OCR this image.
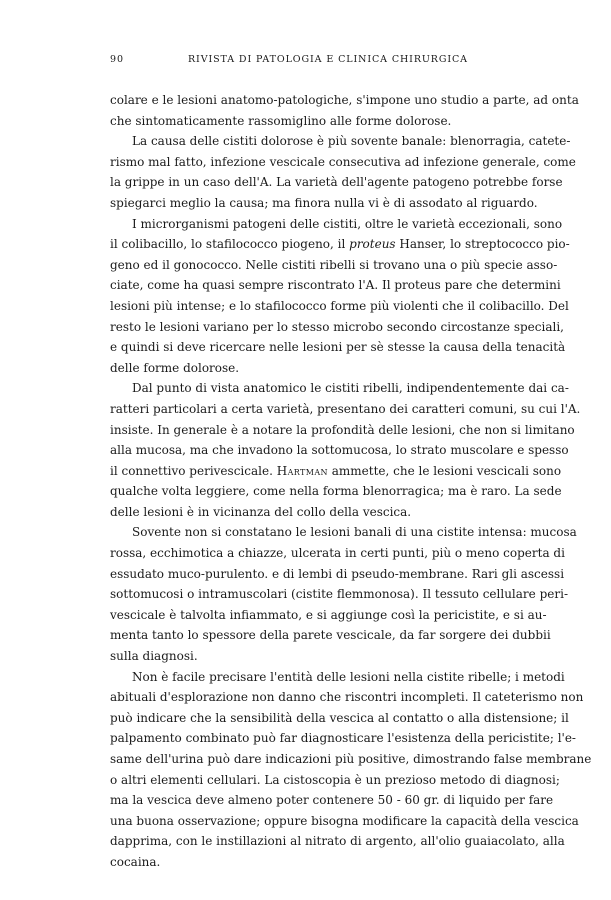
90	RIVISTA DI PATOLOGIA E CLINICA CHIRURGICA
colare e le lesioni anatomo-patologiche, s'impone uno studio a parte, ad onta
che sintomaticamente rassomiglino alle forme dolorose.
La causa delle cistiti dolorose è più sovente banale: blenorragia, catete-
rismo mal fatto, infezione vescicale consecutiva ad infezione generale, come
la grippe in un caso dell'A. La varietà dell'agente patogeno potrebbe forse
spiegarci meglio la causa; ma finora nulla vi è di assodato al riguardo.
I microrganismi patogeni delle cistiti, oltre le varietà eccezionali, sono
il colibacillo, lo stafilococco piogeno, il proteus Hanser, lo streptococco pio-
geno ed il gonococco. Nelle cistiti ribelli si trovano una o più specie asso-
ciate, come ha quasi sempre riscontrato l'A. Il proteus pare che determini
lesioni più intense; e lo stafilococco forme più violenti che il colibacillo. Del
resto le lesioni variano per lo stesso microbo secondo circostanze speciali,
e quindi si deve ricercare nelle lesioni per sè stesse la causa della tenacità
delle forme dolorose.
Dal punto di vista anatomico le cistiti ribelli, indipendentemente dai ca-
ratteri particolari a certa varietà, presentano dei caratteri comuni, su cui l'A.
insiste. In generale è a notare la profondità delle lesioni, che non si limitano
alla mucosa, ma che invadono la sottomucosa, lo strato muscolare e spesso
il connettivo perivescicale. Hartman ammette, che le lesioni vescicali sono
qualche volta leggiere, come nella forma blenorragica; ma è raro. La sede
delle lesioni è in vicinanza del collo della vescica.
Sovente non si constatano le lesioni banali di una cistite intensa: mucosa
rossa, ecchimotica a chiazze, ulcerata in certi punti, più o meno coperta di
essudato muco-purulento. e di lembi di pseudo-membrane. Rari gli ascessi
sottomucosi o intramuscolari (cistite flemmonosa). Il tessuto cellulare peri-
vescicale è talvolta infiammato, e si aggiunge così la pericistite, e si au-
menta tanto lo spessore della parete vescicale, da far sorgere dei dubbii
sulla diagnosi.
Non è facile precisare l'entità delle lesioni nella cistite ribelle; i metodi
abituali d'esplorazione non danno che riscontri incompleti. Il cateterismo non
può indicare che la sensibilità della vescica al contatto o alla distensione; il
palpamento combinato può far diagnosticare l'esistenza della pericistite; l'e-
same dell'urina può dare indicazioni più positive, dimostrando false membrane
o altri elementi cellulari. La cistoscopia è un prezioso metodo di diagnosi;
ma la vescica deve almeno poter contenere 50 - 60 gr. di liquido per fare
una buona osservazione; oppure bisogna modificare la capacità della vescica
dapprima, con le instillazioni al nitrato di argento, all'olio guaiacolato, alla
cocaina.
